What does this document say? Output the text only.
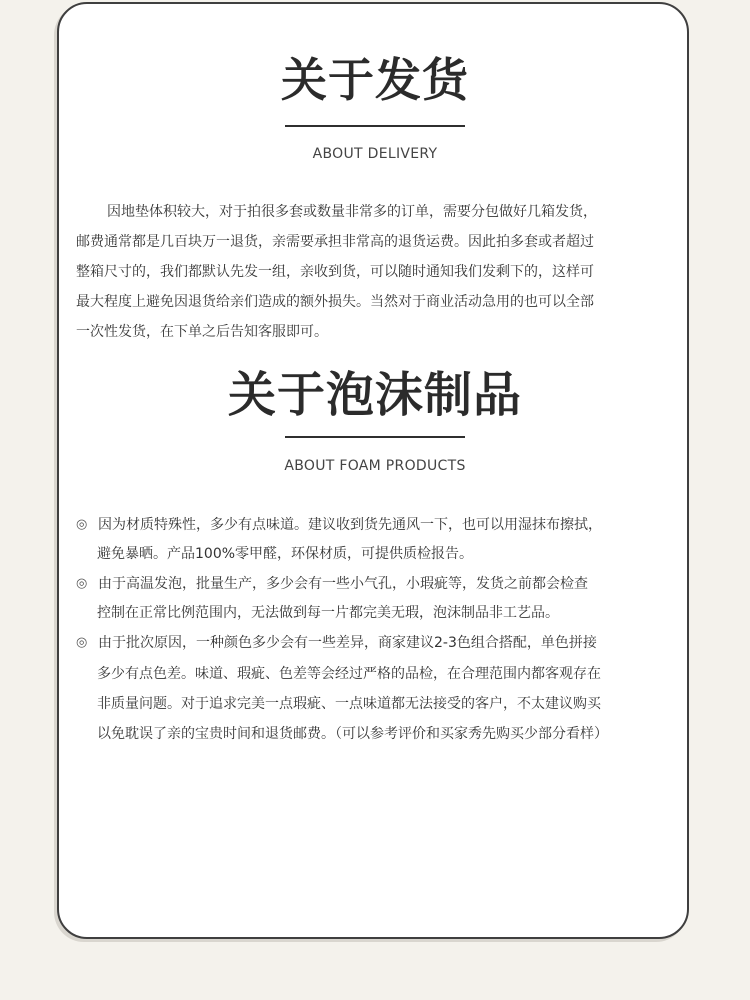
关于发货
ABOUT DELIVERY
因地垫体积较大，对于拍很多套或数量非常多的订单，需要分包做好几箱发货，
邮费通常都是几百块万一退货，亲需要承担非常高的退货运费。因此拍多套或者超过
整箱尺寸的，我们都默认先发一组，亲收到货，可以随时通知我们发剩下的，这样可
最大程度上避免因退货给亲们造成的额外损失。当然对于商业活动急用的也可以全部
一次性发货，在下单之后告知客服即可。
关于泡沫制品
ABOUT FOAM PRODUCTS
◎ 因为材质特殊性，多少有点味道。建议收到货先通风一下，也可以用湿抹布擦拭，
避免暴晒。产品100%零甲醛，环保材质，可提供质检报告。
◎ 由于高温发泡，批量生产，多少会有一些小气孔，小瑕疵等，发货之前都会检查
控制在正常比例范围内，无法做到每一片都完美无瑕，泡沫制品非工艺品。
◎ 由于批次原因，一种颜色多少会有一些差异，商家建议2-3色组合搭配，单色拼接
多少有点色差。味道、瑕疵、色差等会经过严格的品检，在合理范围内都客观存在
非质量问题。对于追求完美一点瑕疵、一点味道都无法接受的客户，不太建议购买
以免耽误了亲的宝贵时间和退货邮费。（可以参考评价和买家秀先购买少部分看样）
